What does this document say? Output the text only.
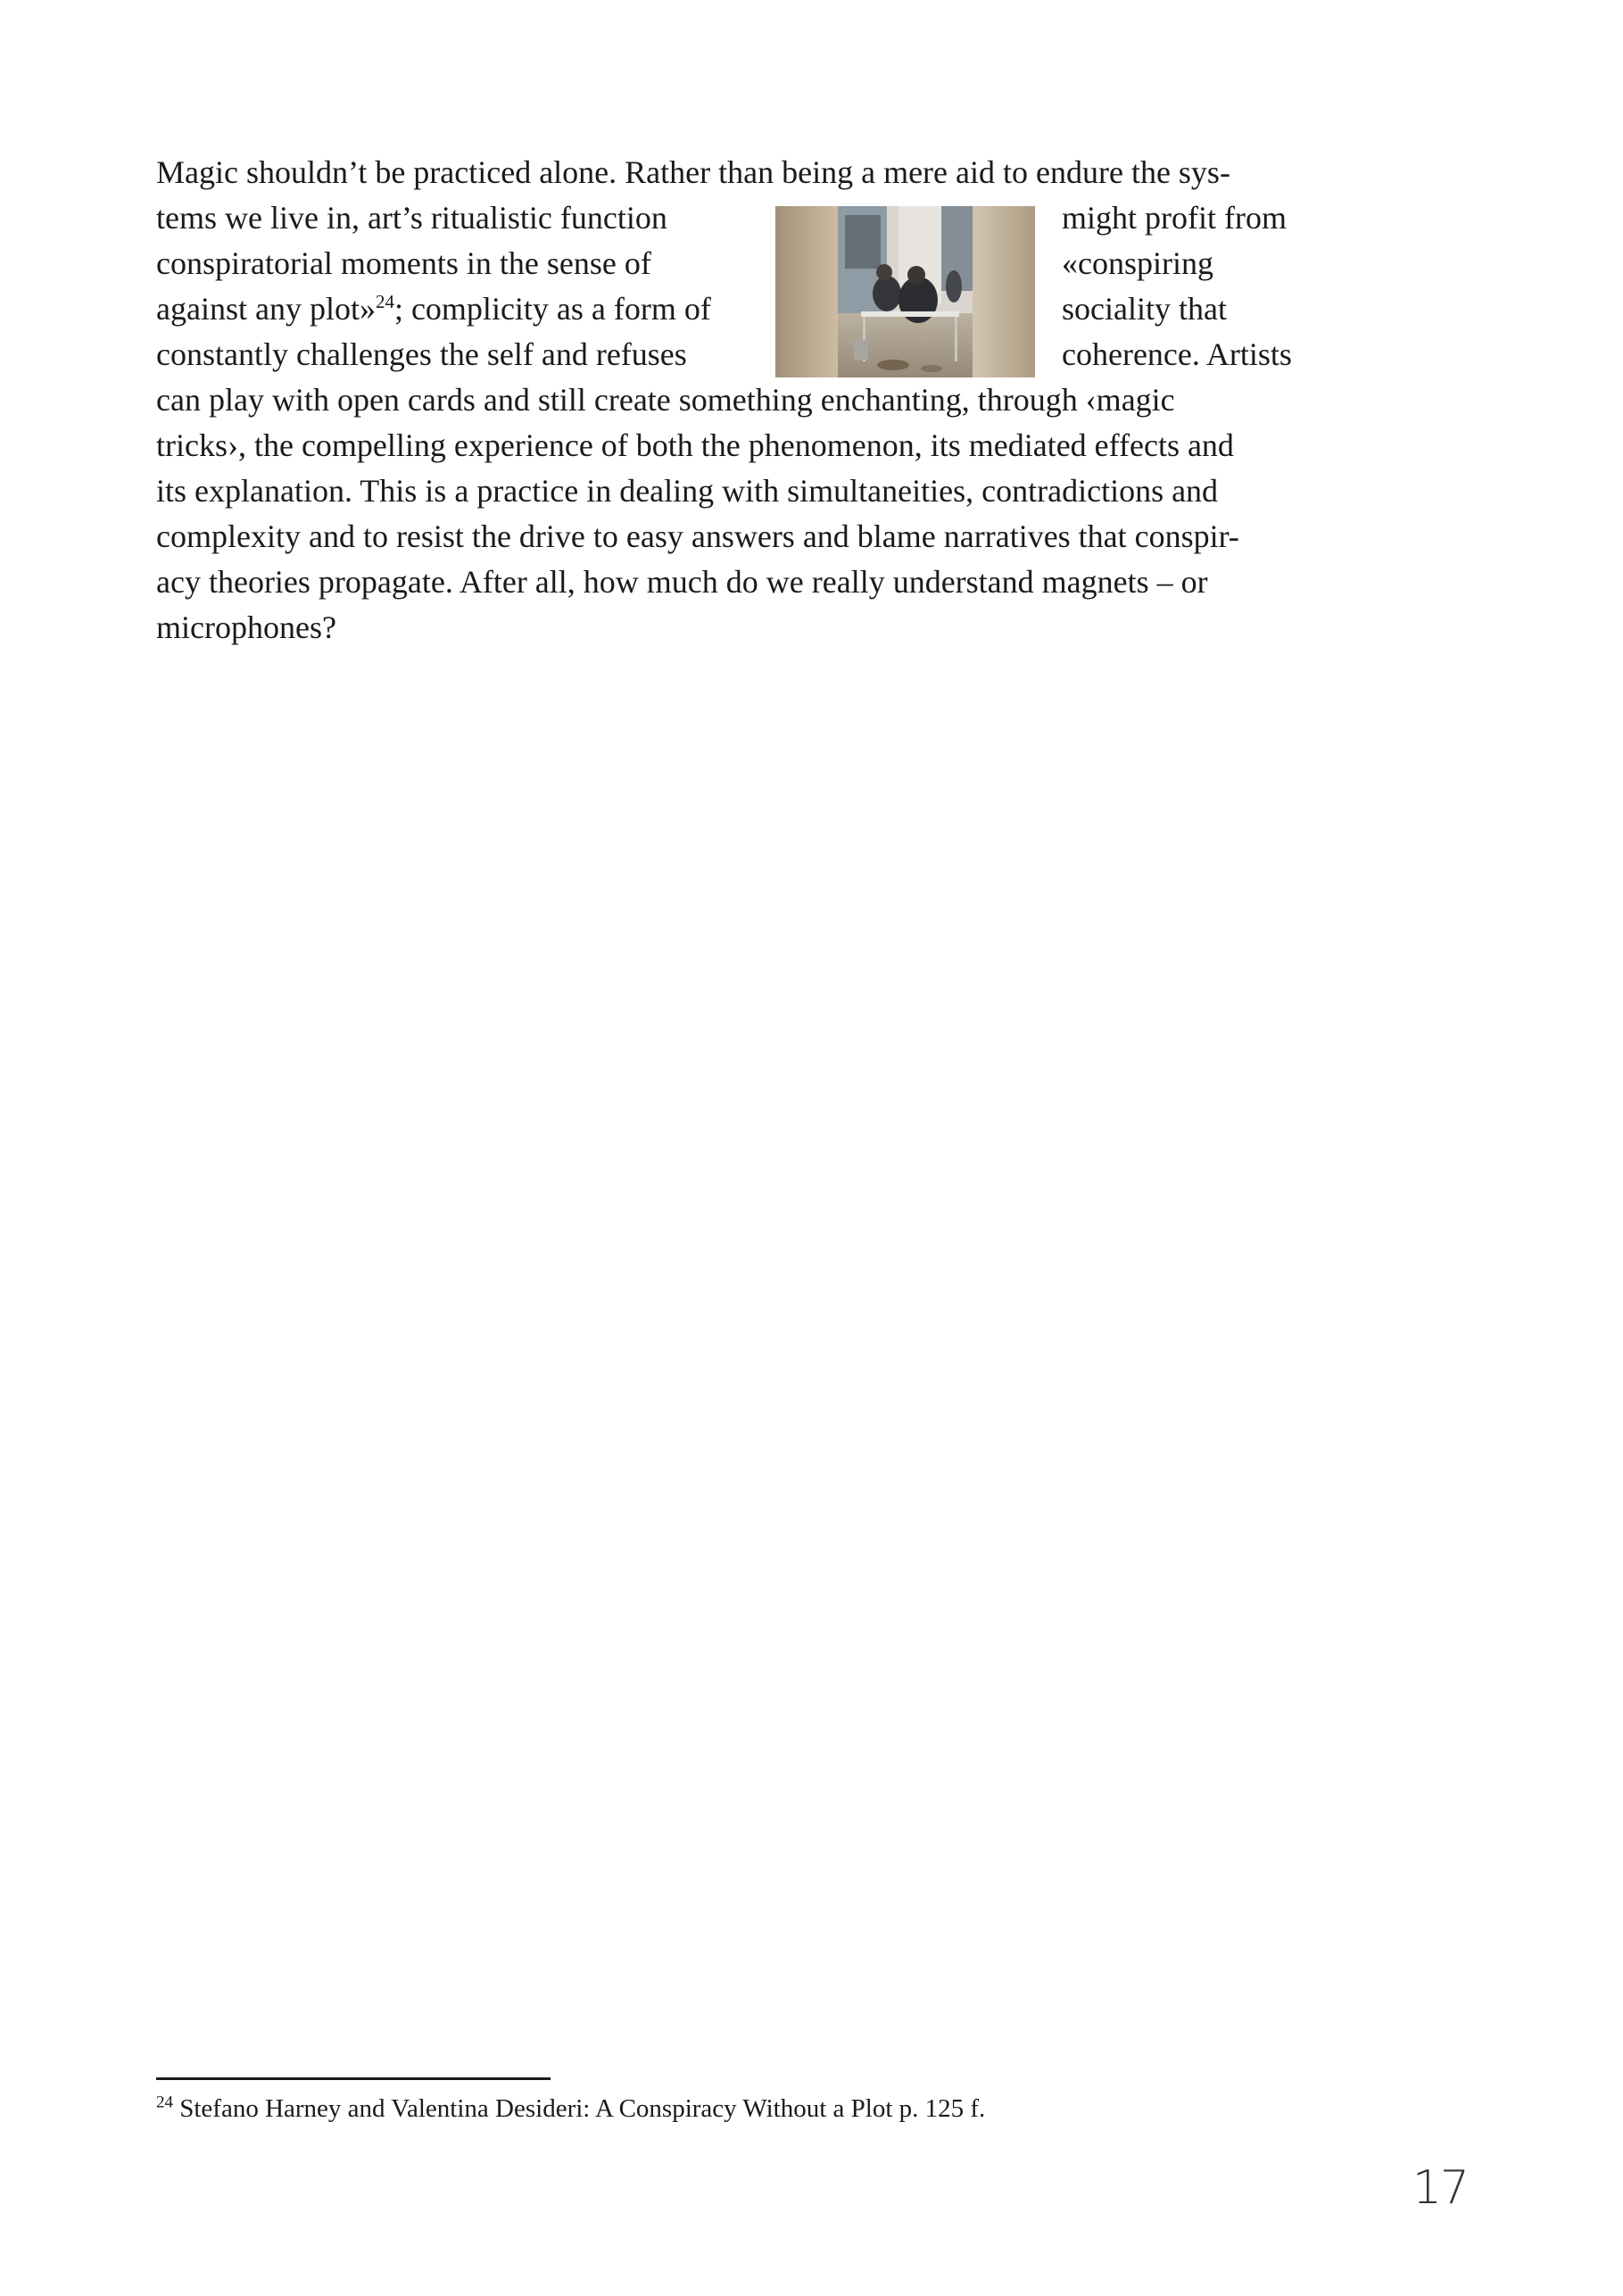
Magic shouldn’t be practiced alone. Rather than being a mere aid to endure the sys-
tems we live in, art’s ritualistic function	might profit from
conspiratorial moments in the sense of	«conspiring
against any plot»$^{24}$; complicity as a form of	sociality that
constantly challenges the self and refuses	coherence. Artists
can play with open cards and still create something enchanting, through ‹magic
tricks›, the compelling experience of both the phenomenon, its mediated effects and
its explanation. This is a practice in dealing with simultaneities, contradictions and
complexity and to resist the drive to easy answers and blame narratives that conspir-
acy theories propagate. After all, how much do we really understand magnets – or
microphones?
$^{24}$ Stefano Harney and Valentina Desideri: A Conspiracy Without a Plot p. 125 f.
17
